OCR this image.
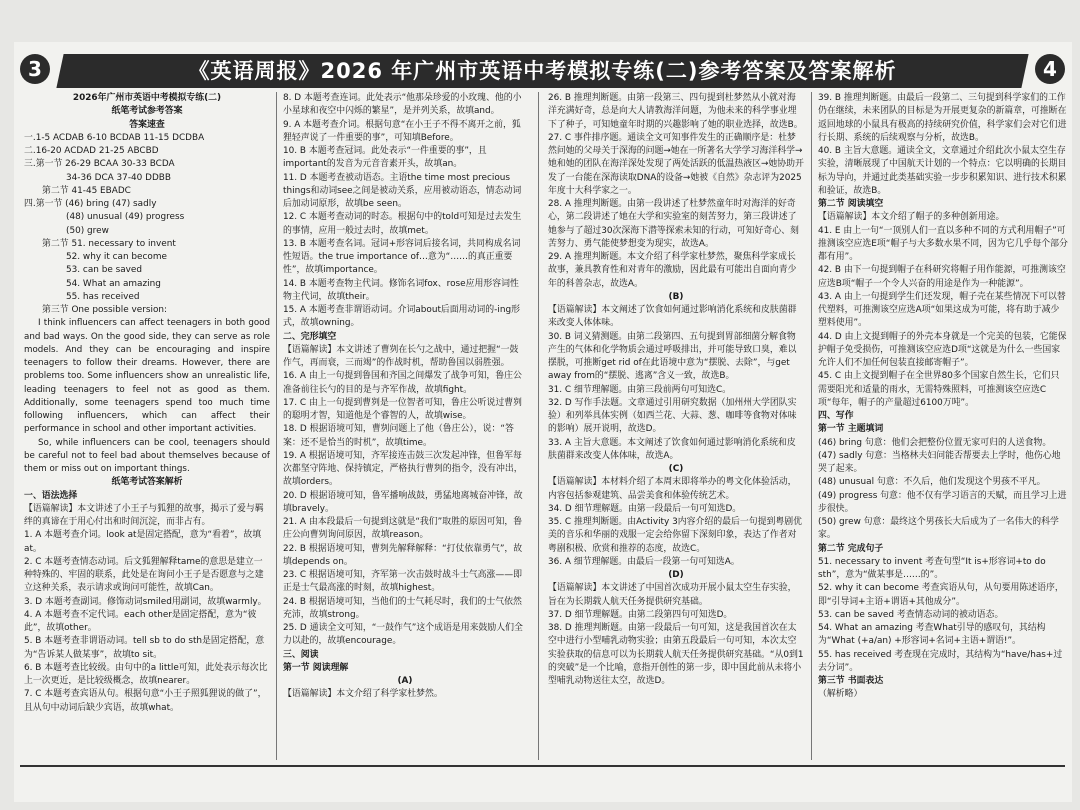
3	《英语周报》2026 年广州市英语中考模拟专练(二)参考答案及答案解析	4

2026年广州市英语中考模拟专练(二)

纸笔考试参考答案

答案速查

一.1-5 ACDAB 6-10 BCDAB 11-15 DCDBA

二.16-20 ACDAD 21-25 ABCBD

三.第一节 26-29 BCAA 30-33 BCDA

34-36 DCA 37-40 DDBB

第二节 41-45 EBADC

四.第一节 (46) bring (47) sadly

(48) unusual (49) progress

(50) grew

第二节 51. necessary to invent

52. why it can become

53. can be saved

54. What an amazing

55. has received

第三节 One possible version:

I think influencers can affect teenagers in both good and bad ways. On the good side, they can serve as role models. And they can be encouraging and inspire teenagers to follow their dreams. However, there are problems too. Some influencers show an unrealistic life, leading teenagers to feel not as good as them. Additionally, some teenagers spend too much time following influencers, which can affect their performance in school and other important activities.

So, while influencers can be cool, teenagers should be careful not to feel bad about themselves because of them or miss out on important things.

纸笔考试答案解析

一、语法选择

【语篇解读】本文讲述了小王子与狐狸的故事，揭示了爱与羁绊的真谛在于用心付出和时间沉淀，而非占有。

1. A 本题考查介词。look at是固定搭配，意为“看着”，故填at。

2. C 本题考查情态动词。后文狐狸解释tame的意思是建立一种特殊的、牢固的联系，此处是在询问小王子是否愿意与之建立这种关系，表示请求或询问可能性，故填Can。

3. D 本题考查副词。修饰动词smiled用副词，故填warmly。

4. A 本题考查不定代词。each other是固定搭配，意为“彼此”，故填other。

5. B 本题考查非谓语动词。tell sb to do sth是固定搭配，意为“告诉某人做某事”，故填to sit。

6. B 本题考查比较级。由句中的a little可知，此处表示每次比上一次更近，是比较级概念，故填nearer。

7. C 本题考查宾语从句。根据句意“小王子照狐狸说的做了”，且从句中动词后缺少宾语，故填what。

8. D 本题考查连词。此处表示“他那朵珍爱的小玫瑰、他的小小星球和夜空中闪烁的繁星”，是并列关系，故填and。

9. A 本题考查介词。根据句意“在小王子不得不离开之前，狐狸轻声说了一件重要的事”，可知填Before。

10. B 本题考查冠词。此处表示“一件重要的事”，且important的发音为元音音素开头，故填an。

11. D 本题考查被动语态。主语the time most precious things和动词see之间是被动关系，应用被动语态，情态动词后加动词原形，故填be seen。

12. C 本题考查动词的时态。根据句中的told可知是过去发生的事情，应用一般过去时，故填met。

13. B 本题考查名词。冠词+形容词后接名词，共同构成名词性短语。the true importance of…意为“……的真正重要性”，故填importance。

14. B 本题考查物主代词。修饰名词fox、rose应用形容词性物主代词，故填their。

15. A 本题考查非谓语动词。介词about后面用动词的-ing形式，故填owning。

二、完形填空

【语篇解读】本文讲述了曹刿在长勺之战中，通过把握“一鼓作气，再而衰，三而竭”的作战时机，帮助鲁国以弱胜强。

16. A 由上一句提到鲁国和齐国之间爆发了战争可知，鲁庄公准备前往长勺的目的是与齐军作战，故填fight。

17. C 由上一句提到曹刿是一位智者可知，鲁庄公听说过曹刿的聪明才智，知道他是个睿智的人，故填wise。

18. D 根据语境可知，曹刿问题上了他（鲁庄公），说：“答案：还不是恰当的时机”，故填time。

19. A 根据语境可知，齐军接连击鼓三次发起冲锋，但鲁军每次都坚守阵地、保持镇定，严格执行曹刿的指令，没有冲出，故填orders。

20. D 根据语境可知，鲁军播响战鼓，勇猛地离城奋冲锋，故填bravely。

21. A 由本段最后一句提到这就是“我们”取胜的原因可知，鲁庄公向曹刿询问原因，故填reason。

22. B 根据语境可知，曹刿先解释解释：“打仗依靠勇气”，故填depends on。

23. C 根据语境可知，齐军第一次击鼓时战斗士气高涨——即正是士气最高涨的时刻，故填highest。

24. B 根据语境可知，当他们的士气耗尽时，我们的士气依然充沛，故填strong。

25. D 通读全文可知，“一鼓作气”这个成语是用来鼓励人们全力以赴的，故填encourage。

三、阅读

第一节 阅读理解

(A)

【语篇解读】本文介绍了科学家杜梦然。

26. B 推理判断题。由第一段第三、四句提到杜梦然从小就对海洋充满好奇，总是向大人请教海洋问题，为他未来的科学事业埋下了种子，可知她童年时期的兴趣影响了她的职业选择，故选B。

27. C 事件排序题。通读全文可知事件发生的正确顺序是：杜梦然问她的父母关于深海的问题→她在一所著名大学学习海洋科学→她和她的团队在海洋深处发现了两处活跃的低温热液区→她协助开发了一台能在深海读取DNA的设备→她被《自然》杂志评为2025年度十大科学家之一。

28. A 推理判断题。由第一段讲述了杜梦然童年时对海洋的好奇心，第二段讲述了她在大学和实验室的刻苦努力，第三段讲述了她参与了超过30次深海下潜等探索未知的行动，可知好奇心、刻苦努力、勇气能使梦想变为现实，故选A。

29. A 推理判断题。本文介绍了科学家杜梦然，聚焦科学家成长故事，兼具教育性和对青年的激励，因此最有可能出自面向青少年的科普杂志，故选A。

(B)

【语篇解读】本文阐述了饮食如何通过影响消化系统和皮肤菌群来改变人体体味。

30. B 词义猜测题。由第二段第四、五句提到胃部细菌分解食物产生的气体和化学物质会通过呼吸排出，并可能导致口臭，难以摆脱，可推断get rid of在此语境中意为“摆脱、去除”，与get away from的“摆脱、逃离”含义一致，故选B。

31. C 细节理解题。由第三段前两句可知选C。

32. D 写作手法题。文章通过引用研究数据（加州州大学团队实验）和列举具体实例（如西兰花、大蒜、葱、咖啡等食物对体味的影响）展开说明，故选D。

33. A 主旨大意题。本文阐述了饮食如何通过影响消化系统和皮肤菌群来改变人体体味，故选A。

(C)

【语篇解读】本材料介绍了本周末即将举办的粤文化体验活动，内容包括参观建筑、品尝美食和体验传统艺术。

34. D 细节理解题。由第一段最后一句可知选D。

35. C 推理判断题。由Activity 3内容介绍的最后一句提到粤剧优美的音乐和华丽的戏服一定会给你留下深刻印象，表达了作者对粤剧积极、欣赏和推荐的态度，故选C。

36. A 细节理解题。由最后一段第一句可知选A。

(D)

【语篇解读】本文讲述了中国首次成功开展小鼠太空生存实验，旨在为长期载人航天任务提供研究基础。

37. D 细节理解题。由第二段第四句可知选D。

38. D 推理判断题。由第一段最后一句可知，这是我国首次在太空中进行小型哺乳动物实验；由第五段最后一句可知，本次太空实验获取的信息可以为长期载人航天任务提供研究基础。“从0到1的突破”是一个比喻，意指开创性的第一步，即中国此前从未将小型哺乳动物送往太空，故选D。

39. B 推理判断题。由最后一段第二、三句提到科学家们的工作仍在继续，未来团队的目标是为开展更复杂的新篇章，可推断在返回地球的小鼠具有极高的持续研究价值，科学家们会对它们进行长期、系统的后续观察与分析，故选B。

40. B 主旨大意题。通读全文，文章通过介绍此次小鼠太空生存实验，清晰展现了中国航天计划的一个特点：它以明确的长期目标为导向，并通过此类基础实验一步步积累知识、进行技术积累和验证，故选B。

第二节 阅读填空

【语篇解读】本文介绍了帽子的多种创新用途。

41. E 由上一句“一顶别人们一直以多种不同的方式利用帽子”可推测该空应选E项“帽子与大多数水果不同，因为它几乎每个部分都有用”。

42. B 由下一句提到帽子在科研究将帽子用作能源，可推测该空应选B项“帽子一个令人兴奋的用途是作为一种能源”。

43. A 由上一句提到学生们还发现，帽子壳在某些情况下可以替代塑料，可推测该空应选A项“如果这成为可能，将有助于减少塑料使用”。

44. D 由上文提到帽子的外壳本身就是一个完美的包装，它能保护帽子免受损伤，可推测该空应选D项“这就是为什么一些国家允许人们不加任何包装直接邮寄帽子”。

45. C 由上文提到帽子在全世界80多个国家自然生长，它们只需要阳光和适量的雨水，无需特殊照料，可推测该空应选C项“每年，帽子的产量超过6100万吨”。

四、写作

第一节 主题填词

(46) bring 句意：他们会把整份位置无家可归的人送食物。

(47) sadly 句意：当格林夫妇问能否帮要去上学时，他伤心地哭了起来。

(48) unusual 句意：不久后，他们发现这个男孩不平凡。

(49) progress 句意：他不仅有学习语言的天赋，而且学习上进步很快。

(50) grew 句意：最终这个男孩长大后成为了一名伟大的科学家。

第二节 完成句子

51. necessary to invent 考查句型“It is+形容词+to do sth”，意为“做某事是……的”。

52. why it can become 考查宾语从句，从句要用陈述语序，即“引导词+主语+谓语+其他成分”。

53. can be saved 考查情态动词的被动语态。

54. What an amazing 考查What引导的感叹句，其结构为“What (+a/an) +形容词+名词+主语+谓语!”。

55. has received 考查现在完成时，其结构为“have/has+过去分词”。

第三节 书面表达

（解析略）
